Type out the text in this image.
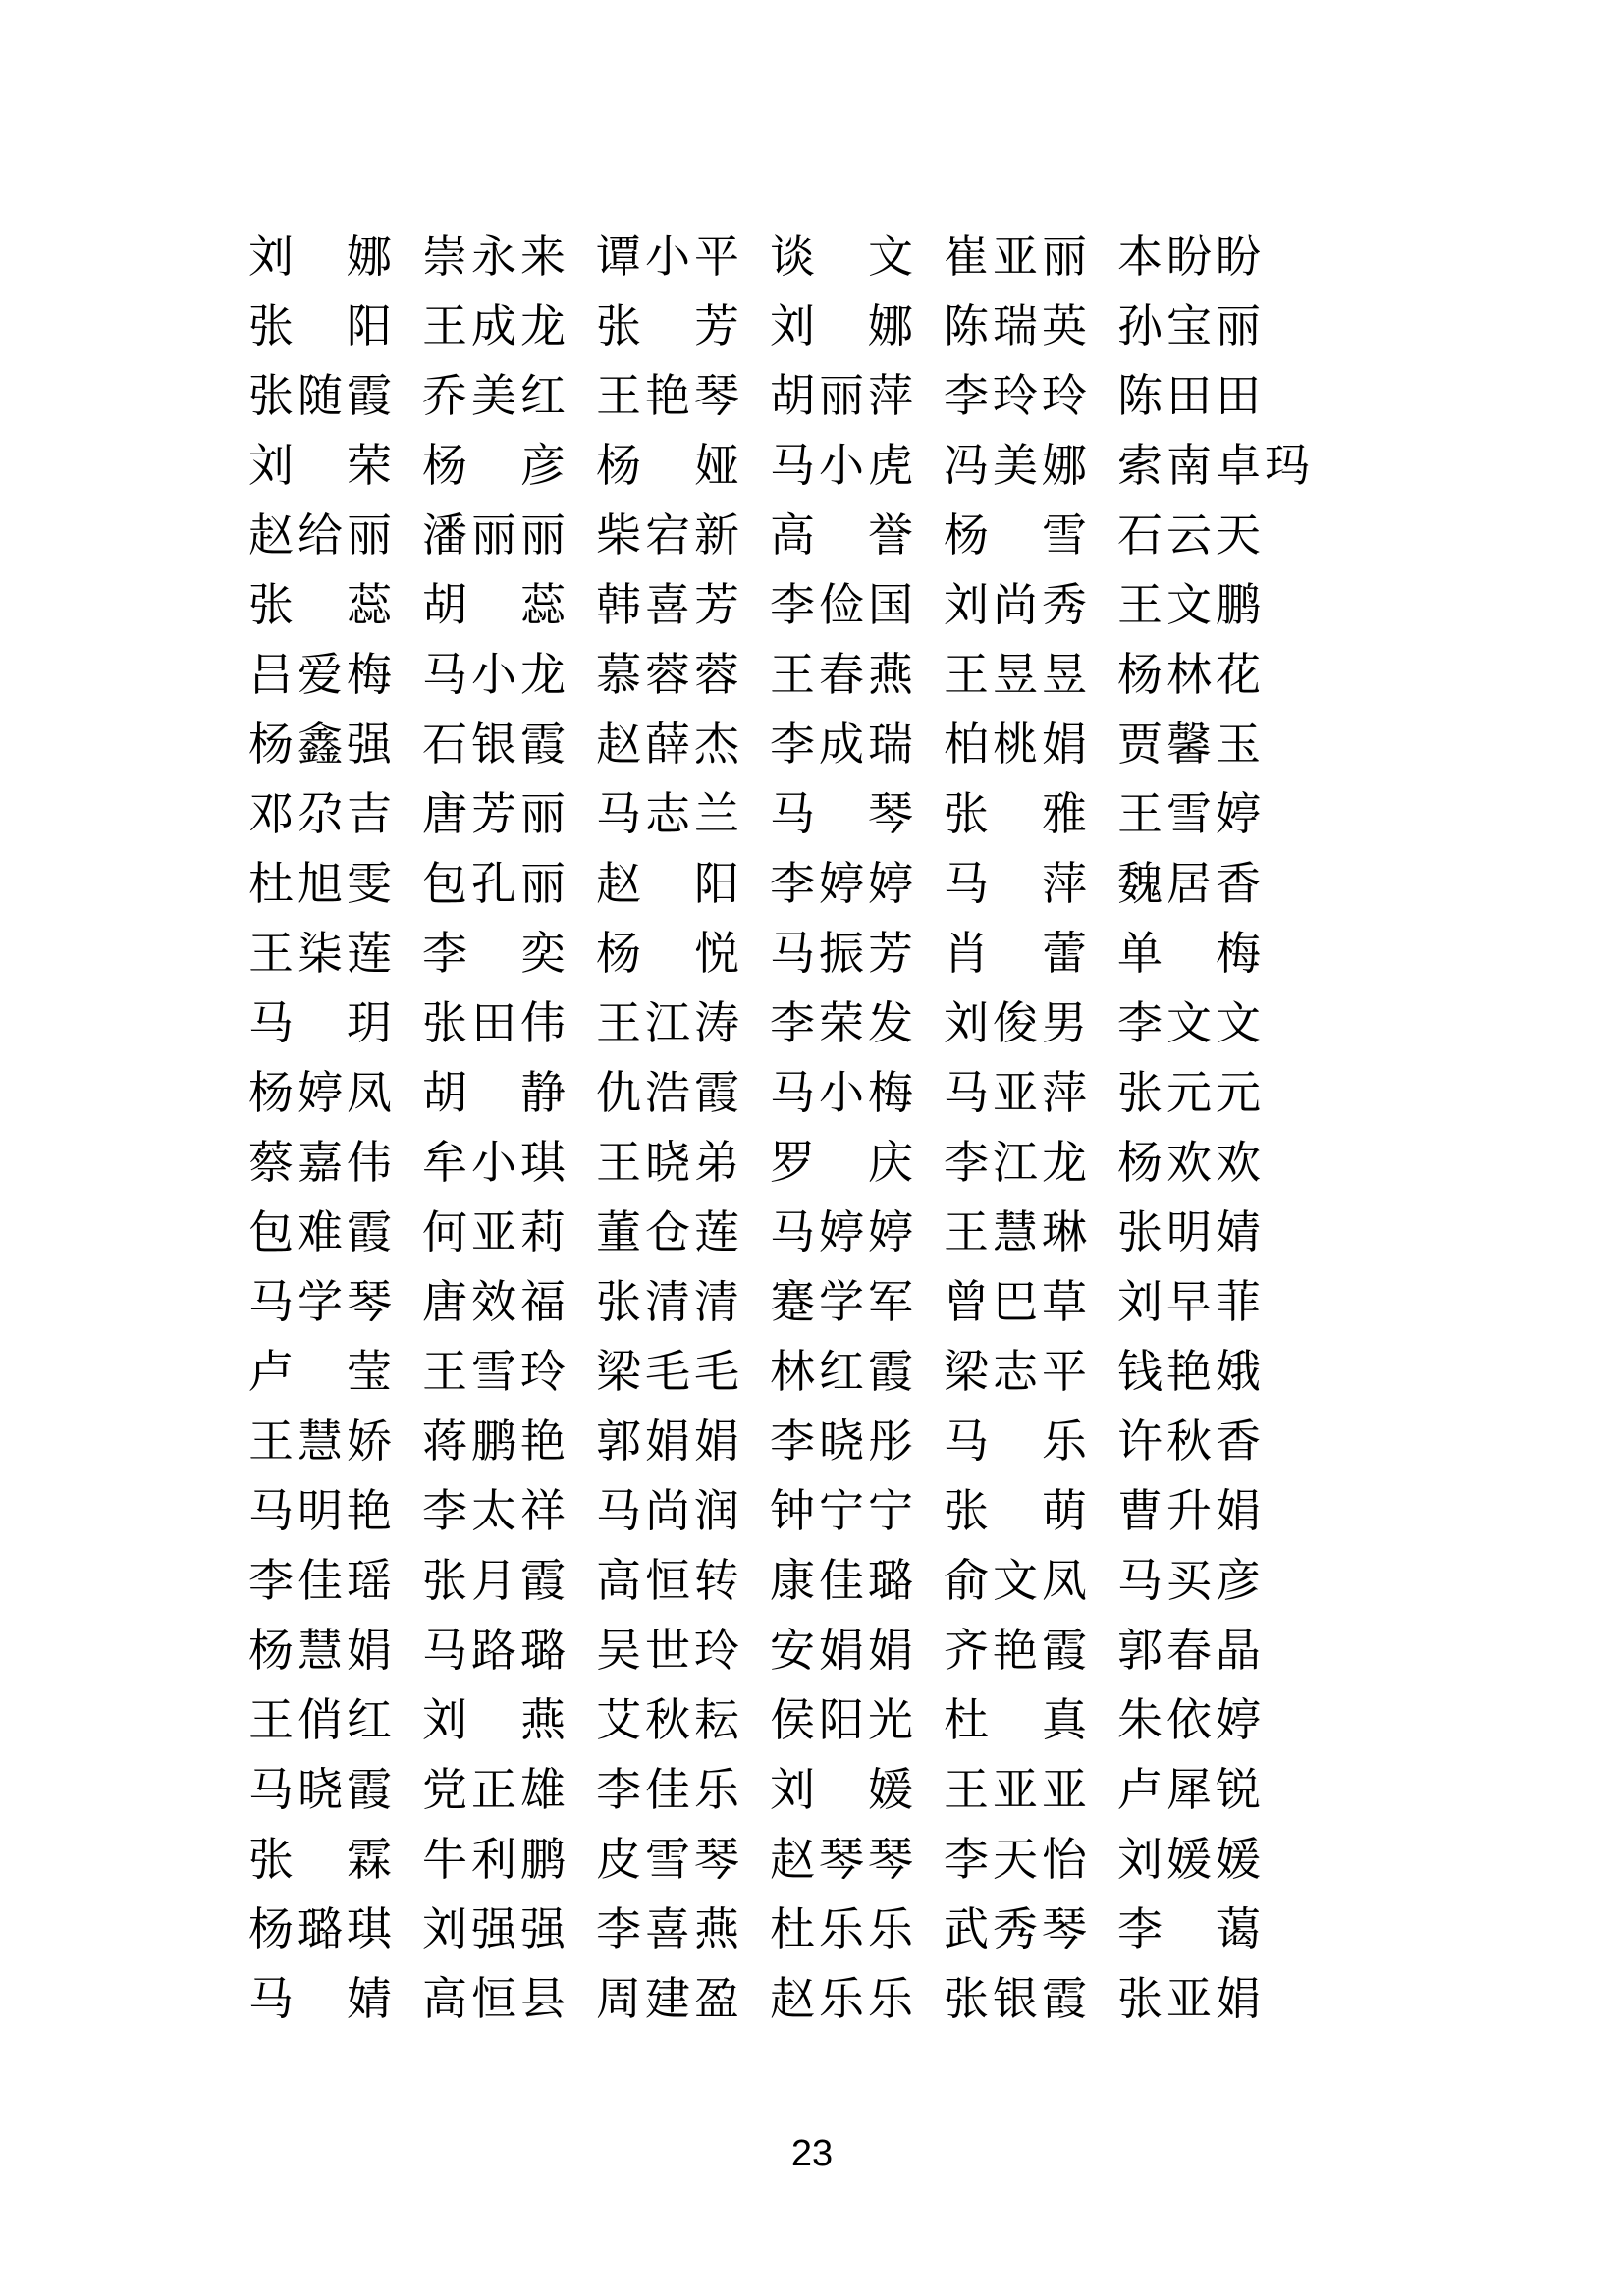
刘　娜 崇永来 谭小平 谈　文 崔亚丽 本盼盼
张　阳 王成龙 张　芳 刘　娜 陈瑞英 孙宝丽
张随霞 乔美红 王艳琴 胡丽萍 李玲玲 陈田田
刘　荣 杨　彦 杨　娅 马小虎 冯美娜 索南卓玛
赵给丽 潘丽丽 柴宕新 高　誉 杨　雪 石云天
张　蕊 胡　蕊 韩喜芳 李俭国 刘尚秀 王文鹏
吕爱梅 马小龙 慕蓉蓉 王春燕 王昱昱 杨林花
杨鑫强 石银霞 赵薛杰 李成瑞 柏桃娟 贾馨玉
邓尕吉 唐芳丽 马志兰 马　琴 张　雅 王雪婷
杜旭雯 包孔丽 赵　阳 李婷婷 马　萍 魏居香
王柒莲 李　奕 杨　悦 马振芳 肖　蕾 单　梅
马　玥 张田伟 王江涛 李荣发 刘俊男 李文文
杨婷凤 胡　静 仇浩霞 马小梅 马亚萍 张元元
蔡嘉伟 牟小琪 王晓弟 罗　庆 李江龙 杨欢欢
包难霞 何亚莉 董仓莲 马婷婷 王慧琳 张明婧
马学琴 唐效福 张清清 蹇学军 曾巴草 刘早菲
卢　莹 王雪玲 梁毛毛 林红霞 梁志平 钱艳娥
王慧娇 蒋鹏艳 郭娟娟 李晓彤 马　乐 许秋香
马明艳 李太祥 马尚润 钟宁宁 张　萌 曹升娟
李佳瑶 张月霞 高恒转 康佳璐 俞文凤 马买彦
杨慧娟 马路璐 吴世玲 安娟娟 齐艳霞 郭春晶
王俏红 刘　燕 艾秋耘 侯阳光 杜　真 朱依婷
马晓霞 党正雄 李佳乐 刘　媛 王亚亚 卢犀锐
张　霖 牛利鹏 皮雪琴 赵琴琴 李天怡 刘媛媛
杨璐琪 刘强强 李喜燕 杜乐乐 武秀琴 李　蔼
马　婧 高恒县 周建盈 赵乐乐 张银霞 张亚娟
23
